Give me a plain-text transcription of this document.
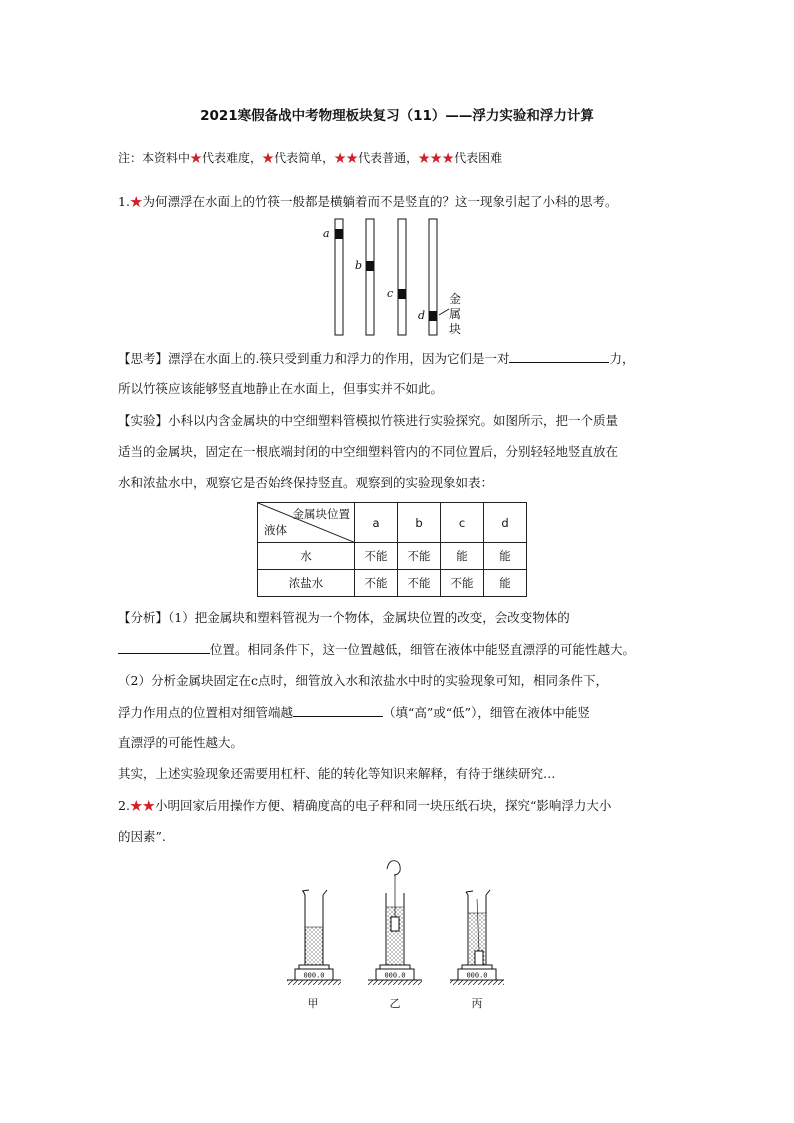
2021寒假备战中考物理板块复习（11）——浮力实验和浮力计算
注：本资料中★代表难度，★代表简单，★★代表普通，★★★代表困难
1.★为何漂浮在水面上的竹筷一般都是横躺着而不是竖直的？这一现象引起了小科的思考。
a
b
c
d
金
属
块
【思考】漂浮在水面上的.筷只受到重力和浮力的作用，因为它们是一对	力，
所以竹筷应该能够竖直地静止在水面上，但事实并不如此。
【实验】小科以内含金属块的中空细塑料管模拟竹筷进行实验探究。如图所示，把一个质量
适当的金属块，固定在一根底端封闭的中空细塑料管内的不同位置后，分别轻轻地竖直放在
水和浓盐水中，观察它是否始终保持竖直。观察到的实验现象如表：
金属块位置
液体	a	b	c	d
水	不能	不能	能	能
浓盐水	不能	不能	不能	能
【分析】（1）把金属块和塑料管视为一个物体，金属块位置的改变，会改变物体的
位置。相同条件下，这一位置越低，细管在液体中能竖直漂浮的可能性越大。
（2）分析金属块固定在c点时，细管放入水和浓盐水中时的实验现象可知，相同条件下，
浮力作用点的位置相对细管端越	（填“高”或“低”），细管在液体中能竖
直漂浮的可能性越大。
其实，上述实验现象还需要用杠杆、能的转化等知识来解释，有待于继续研究…
2.★★小明回家后用操作方便、精确度高的电子秤和同一块压纸石块，探究“影响浮力大小
的因素”.
000.0
甲
000.0
乙
000.0
丙
